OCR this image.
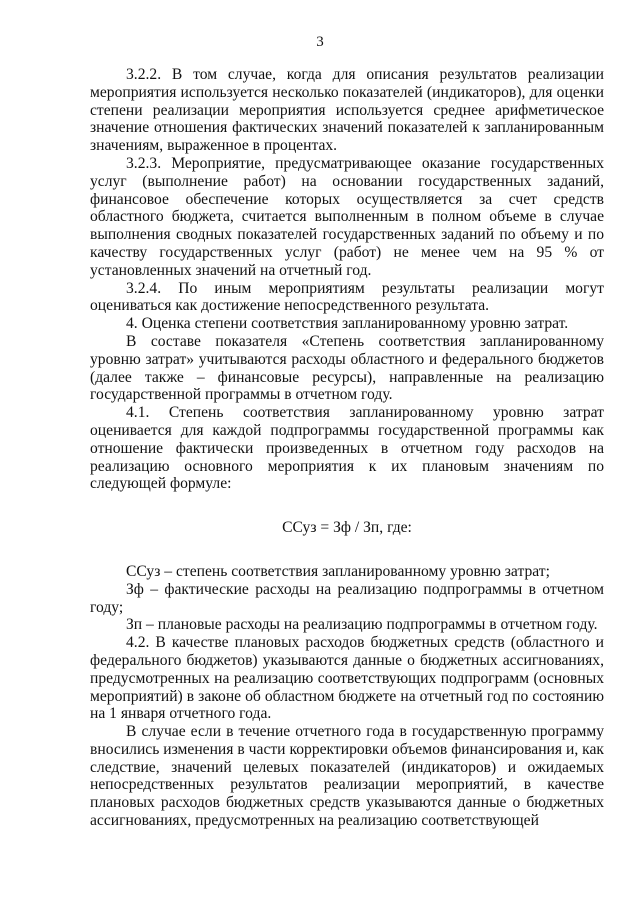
3

3.2.2. В том случае, когда для описания результатов реализации мероприятия используется несколько показателей (индикаторов), для оценки степени реализации мероприятия используется среднее арифметическое значение отношения фактических значений показателей к запланированным значениям, выраженное в процентах.

3.2.3. Мероприятие, предусматривающее оказание государственных услуг (выполнение работ) на основании государственных заданий, финансовое обеспечение которых осуществляется за счет средств областного бюджета, считается выполненным в полном объеме в случае выполнения сводных показателей государственных заданий по объему и по качеству государственных услуг (работ) не менее чем на 95 % от установленных значений на отчетный год.

3.2.4. По иным мероприятиям результаты реализации могут оцениваться как достижение непосредственного результата.

4. Оценка степени соответствия запланированному уровню затрат.

В составе показателя «Степень соответствия запланированному уровню затрат» учитываются расходы областного и федерального бюджетов (далее также – финансовые ресурсы), направленные на реализацию государственной программы в отчетном году.

4.1. Степень соответствия запланированному уровню затрат оценивается для каждой подпрограммы государственной программы как отношение фактически произведенных в отчетном году расходов на реализацию основного мероприятия к их плановым значениям по следующей формуле:

ССуз = Зф / Зп, где:

ССуз – степень соответствия запланированному уровню затрат;

Зф – фактические расходы на реализацию подпрограммы в отчетном году;

Зп – плановые расходы на реализацию подпрограммы в отчетном году.

4.2. В качестве плановых расходов бюджетных средств (областного и федерального бюджетов) указываются данные о бюджетных ассигнованиях, предусмотренных на реализацию соответствующих подпрограмм (основных мероприятий) в законе об областном бюджете на отчетный год по состоянию на 1 января отчетного года.

В случае если в течение отчетного года в государственную программу вносились изменения в части корректировки объемов финансирования и, как следствие, значений целевых показателей (индикаторов) и ожидаемых непосредственных результатов реализации мероприятий, в качестве плановых расходов бюджетных средств указываются данные о бюджетных ассигнованиях, предусмотренных на реализацию соответствующей
